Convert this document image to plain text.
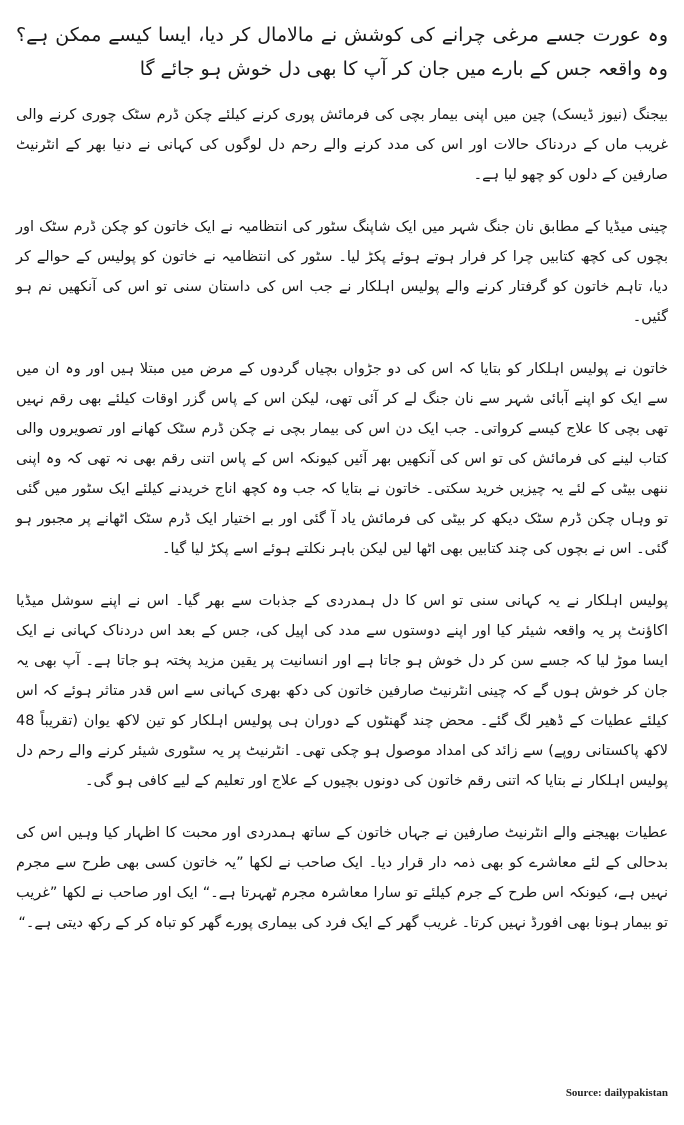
وہ عورت جسے مرغی چرانے کی کوشش نے مالامال کر دیا، ایسا کیسے ممکن ہے؟ وہ واقعہ جس کے بارے میں جان کر آپ کا بھی دل خوش ہو جائے گا

بیجنگ (نیوز ڈیسک) چین میں اپنی بیمار بچی کی فرمائش پوری کرنے کیلئے چکن ڈرم سٹک چوری کرنے والی غریب ماں کے دردناک حالات اور اس کی مدد کرنے والے رحم دل لوگوں کی کہانی نے دنیا بھر کے انٹرنیٹ صارفین کے دلوں کو چھو لیا ہے۔

چینی میڈیا کے مطابق نان جنگ شہر میں ایک شاپنگ سٹور کی انتظامیہ نے ایک خاتون کو چکن ڈرم سٹک اور بچوں کی کچھ کتابیں چرا کر فرار ہوتے ہوئے پکڑ لیا۔ سٹور کی انتظامیہ نے خاتون کو پولیس کے حوالے کر دیا، تاہم خاتون کو گرفتار کرنے والے پولیس اہلکار نے جب اس کی داستان سنی تو اس کی آنکھیں نم ہو گئیں۔

خاتون نے پولیس اہلکار کو بتایا کہ اس کی دو جڑواں بچیاں گردوں کے مرض میں مبتلا ہیں اور وہ ان میں سے ایک کو اپنے آبائی شہر سے نان جنگ لے کر آئی تھی، لیکن اس کے پاس گزر اوقات کیلئے بھی رقم نہیں تھی بچی کا علاج کیسے کرواتی۔ جب ایک دن اس کی بیمار بچی نے چکن ڈرم سٹک کھانے اور تصویروں والی کتاب لینے کی فرمائش کی تو اس کی آنکھیں بھر آئیں کیونکہ اس کے پاس اتنی رقم بھی نہ تھی کہ وہ اپنی ننھی بیٹی کے لئے یہ چیزیں خرید سکتی۔ خاتون نے بتایا کہ جب وہ کچھ اناج خریدنے کیلئے ایک سٹور میں گئی تو وہاں چکن ڈرم سٹک دیکھ کر بیٹی کی فرمائش یاد آ گئی اور بے اختیار ایک ڈرم سٹک اٹھانے پر مجبور ہو گئی۔ اس نے بچوں کی چند کتابیں بھی اٹھا لیں لیکن باہر نکلتے ہوئے اسے پکڑ لیا گیا۔

پولیس اہلکار نے یہ کہانی سنی تو اس کا دل ہمدردی کے جذبات سے بھر گیا۔ اس نے اپنے سوشل میڈیا اکاؤنٹ پر یہ واقعہ شیئر کیا اور اپنے دوستوں سے مدد کی اپیل کی، جس کے بعد اس دردناک کہانی نے ایک ایسا موڑ لیا کہ جسے سن کر دل خوش ہو جاتا ہے اور انسانیت پر یقین مزید پختہ ہو جاتا ہے۔ آپ بھی یہ جان کر خوش ہوں گے کہ چینی انٹرنیٹ صارفین خاتون کی دکھ بھری کہانی سے اس قدر متاثر ہوئے کہ اس کیلئے عطیات کے ڈھیر لگ گئے۔ محض چند گھنٹوں کے دوران ہی پولیس اہلکار کو تین لاکھ یوان (تقریباً 48 لاکھ پاکستانی روپے) سے زائد کی امداد موصول ہو چکی تھی۔ انٹرنیٹ پر یہ سٹوری شیئر کرنے والے رحم دل پولیس اہلکار نے بتایا کہ اتنی رقم خاتون کی دونوں بچیوں کے علاج اور تعلیم کے لیے کافی ہو گی۔

عطیات بھیجنے والے انٹرنیٹ صارفین نے جہاں خاتون کے ساتھ ہمدردی اور محبت کا اظہار کیا وہیں اس کی بدحالی کے لئے معاشرے کو بھی ذمہ دار قرار دیا۔ ایک صاحب نے لکھا ”یہ خاتون کسی بھی طرح سے مجرم نہیں ہے، کیونکہ اس طرح کے جرم کیلئے تو سارا معاشرہ مجرم ٹھہرتا ہے۔“ ایک اور صاحب نے لکھا ”غریب تو بیمار ہونا بھی افورڈ نہیں کرتا۔ غریب گھر کے ایک فرد کی بیماری پورے گھر کو تباہ کر کے رکھ دیتی ہے۔“

Source: dailypakistan
